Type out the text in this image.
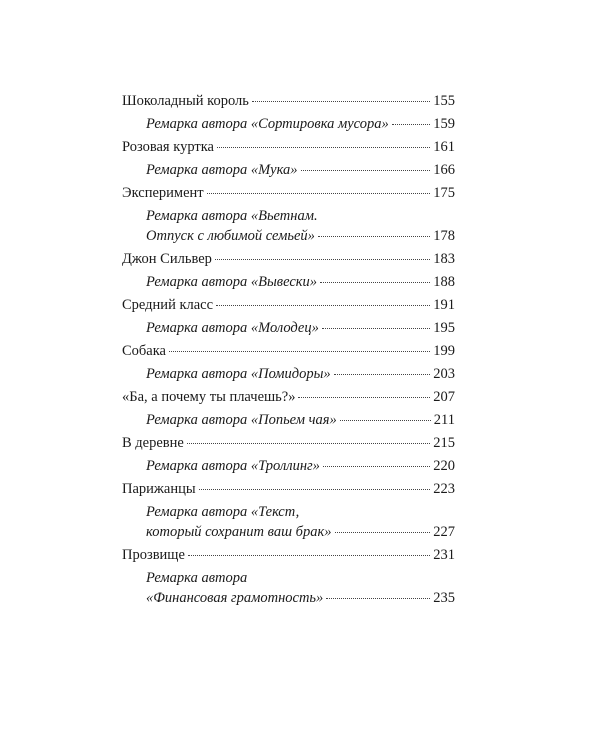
Шоколадный король	155
Ремарка автора «Сортировка мусора»	159
Розовая куртка	161
Ремарка автора «Мука»	166
Эксперимент	175
Ремарка автора «Вьетнам.
Отпуск с любимой семьей»	178
Джон Сильвер	183
Ремарка автора «Вывески»	188
Средний класс	191
Ремарка автора «Молодец»	195
Собака	199
Ремарка автора «Помидоры»	203
«Ба, а почему ты плачешь?»	207
Ремарка автора «Попьем чая»	211
В деревне	215
Ремарка автора «Троллинг»	220
Парижанцы	223
Ремарка автора «Текст,
который сохранит ваш брак»	227
Прозвище	231
Ремарка автора
«Финансовая грамотность»	235
